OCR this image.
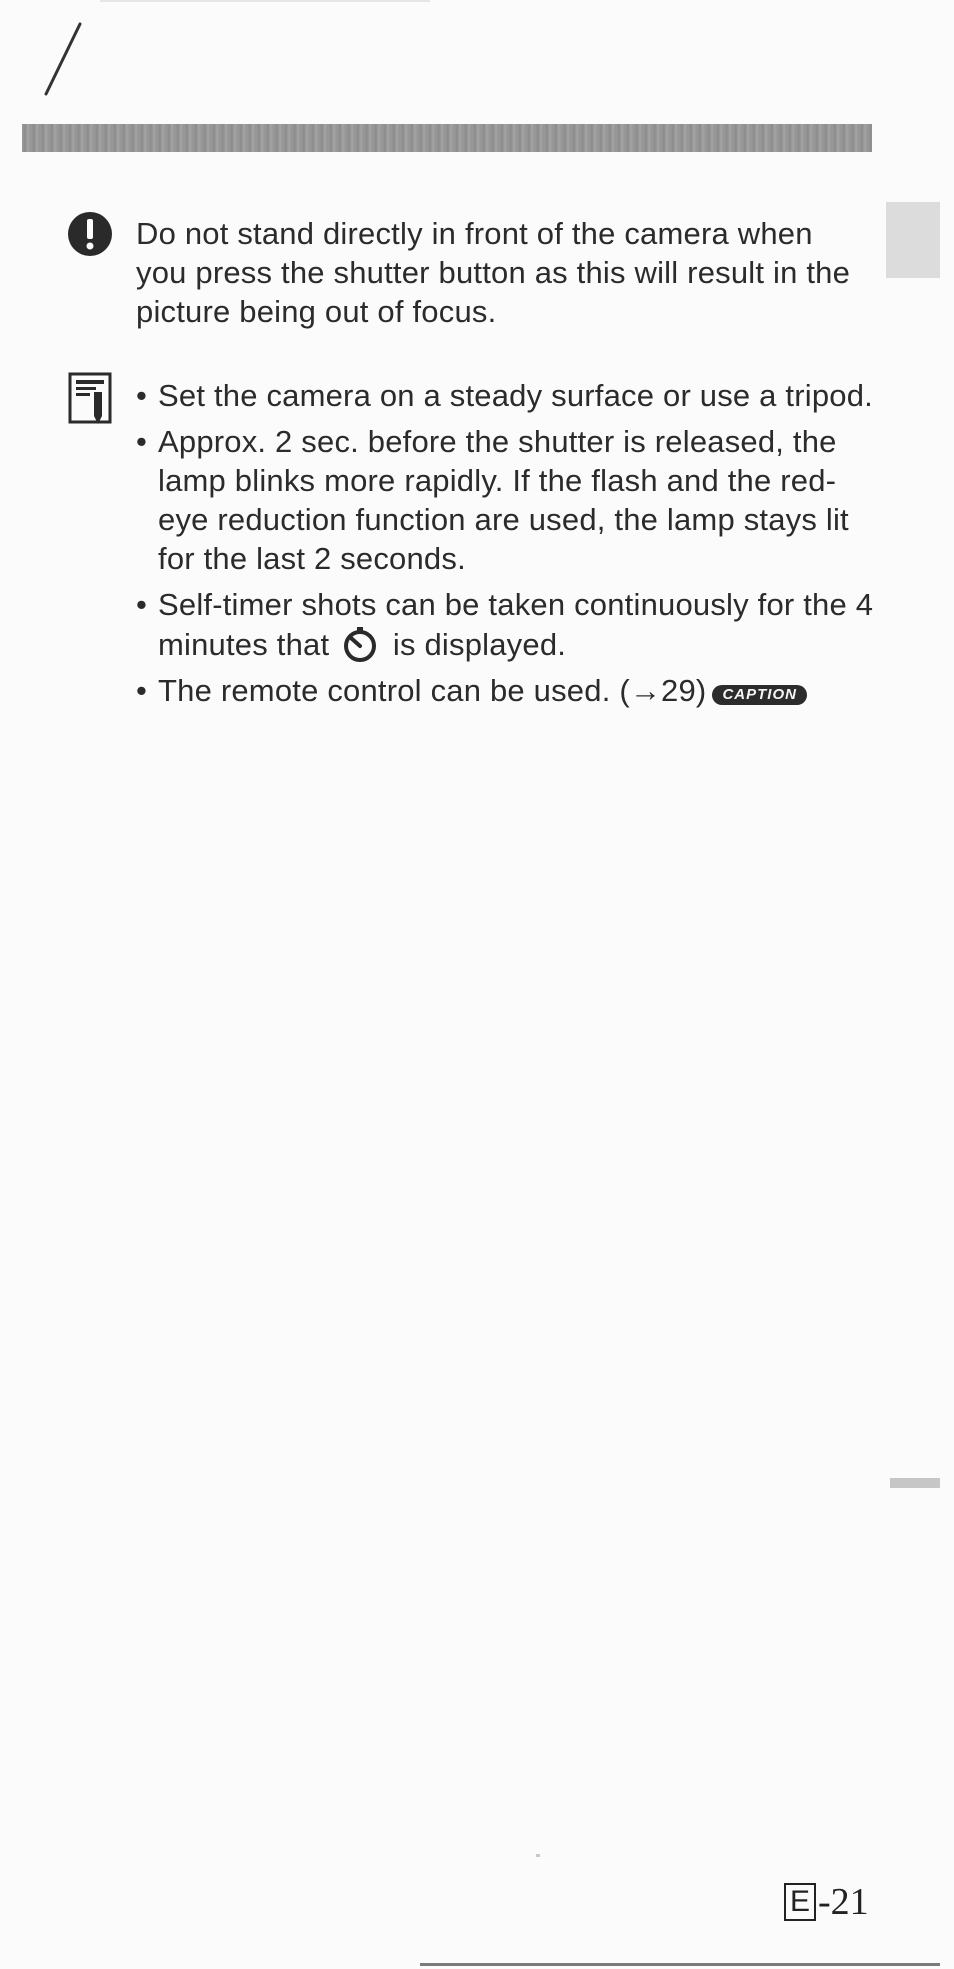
Do not stand directly in front of the camera when you press the shutter button as this will result in the picture being out of focus.
• Set the camera on a steady surface or use a tripod.
• Approx. 2 sec. before the shutter is released, the lamp blinks more rapidly. If the flash and the red-eye reduction function are used, the lamp stays lit for the last 2 seconds.
• Self-timer shots can be taken continuously for the 4 minutes that  is displayed.
• The remote control can be used. (→29) CAPTION
E -21
